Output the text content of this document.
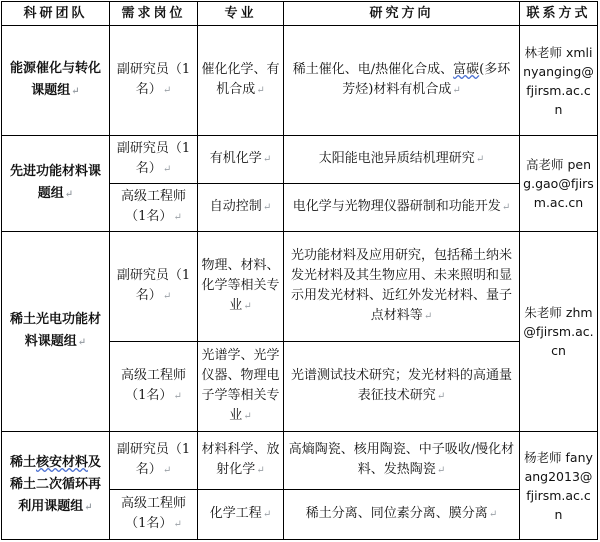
科研团队	需求岗位	专业	研究方向	联系方式
能源催化与转化课题组↵	副研究员（1名）↵	催化化学、有机合成↵	稀土催化、电/热催化合成、富碳(多环芳烃)材料有机合成↵	林老师 xmlinyanging@fjirsm.ac.cn
先进功能材料课题组↵	副研究员（1名）↵	有机化学↵	太阳能电池异质结机理研究↵	高老师 peng.gao@fjirsm.ac.cn
	高级工程师（1名）↵	自动控制↵	电化学与光物理仪器研制和功能开发↵	
稀土光电功能材料课题组↵	副研究员（1名）↵	物理、材料、化学等相关专业↵	光功能材料及应用研究，包括稀土纳米发光材料及其生物应用、未来照明和显示用发光材料、近红外发光材料、量子点材料等↵	朱老师 zhm@fjirsm.ac.cn
	高级工程师（1名）↵	光谱学、光学仪器、物理电子学等相关专业↵	光谱测试技术研究；发光材料的高通量表征技术研究↵	
稀土核安材料及稀土二次循环再利用课题组↵	副研究员（1名）↵	材料科学、放射化学↵	高熵陶瓷、核用陶瓷、中子吸收/慢化材料、发热陶瓷↵	杨老师 fanyang2013@fjirsm.ac.cn
	高级工程师（1名）↵	化学工程↵	稀土分离、同位素分离、膜分离↵	
